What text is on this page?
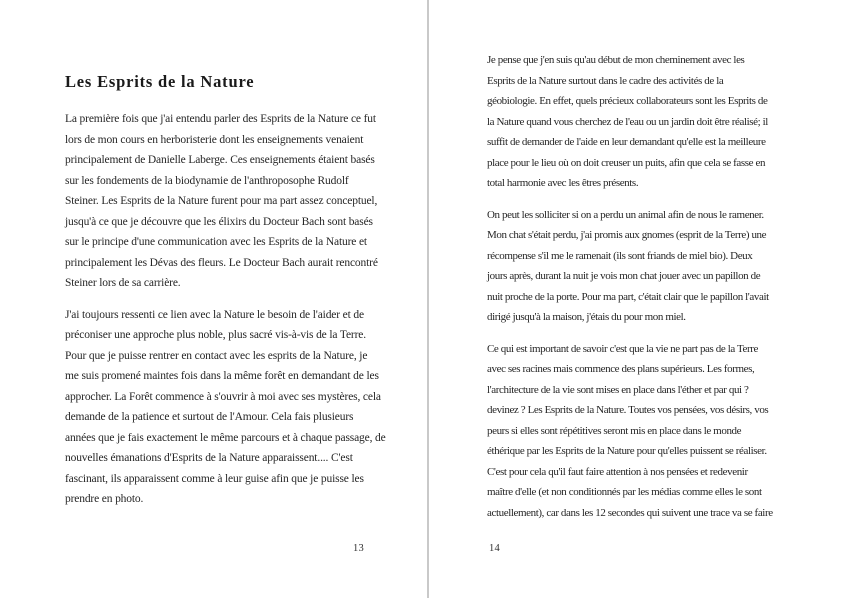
Les Esprits de la Nature
La première fois que j'ai entendu parler des Esprits de la Nature ce fut
lors de mon cours en herboristerie dont les enseignements venaient
principalement de Danielle Laberge. Ces enseignements étaient basés
sur les fondements de la biodynamie de l'anthroposophe Rudolf
Steiner. Les Esprits de la Nature furent pour ma part assez conceptuel,
jusqu'à ce que je découvre que les élixirs du Docteur Bach sont basés
sur le principe d'une communication avec les Esprits de la Nature et
principalement les Dévas des fleurs. Le Docteur Bach aurait rencontré
Steiner lors de sa carrière.
J'ai toujours ressenti ce lien avec la Nature le besoin de l'aider et de
préconiser une approche plus noble, plus sacré vis-à-vis de la Terre.
Pour que je puisse rentrer en contact avec les esprits de la Nature, je
me suis promené maintes fois dans la même forêt en demandant de les
approcher. La Forêt commence à s'ouvrir à moi avec ses mystères, cela
demande de la patience et surtout de l'Amour. Cela fais plusieurs
années que je fais exactement le même parcours et à chaque passage, de
nouvelles émanations d'Esprits de la Nature apparaissent.... C'est
fascinant, ils apparaissent comme à leur guise afin que je puisse les
prendre en photo.
Je pense que j'en suis qu'au début de mon cheminement avec les
Esprits de la Nature surtout dans le cadre des activités de la
géobiologie. En effet, quels précieux collaborateurs sont les Esprits de
la Nature quand vous cherchez de l'eau ou un jardin doit être réalisé; il
suffit de demander de l'aide en leur demandant qu'elle est la meilleure
place pour le lieu où on doit creuser un puits, afin que cela se fasse en
total harmonie avec les êtres présents.
On peut les solliciter si on a perdu un animal afin de nous le ramener.
Mon chat s'était perdu, j'ai promis aux gnomes (esprit de la Terre) une
récompense s'il me le ramenait (ils sont friands de miel bio). Deux
jours après, durant la nuit je vois mon chat jouer avec un papillon de
nuit proche de la porte. Pour ma part, c'était clair que le papillon l'avait
dirigé jusqu'à la maison, j'étais du pour mon miel.
Ce qui est important de savoir c'est que la vie ne part pas de la Terre
avec ses racines mais commence des plans supérieurs. Les formes,
l'architecture de la vie sont mises en place dans l'éther et par qui ?
devinez ? Les Esprits de la Nature. Toutes vos pensées, vos désirs, vos
peurs si elles sont répétitives seront mis en place dans le monde
éthérique par les Esprits de la Nature pour qu'elles puissent se réaliser.
C'est pour cela qu'il faut faire attention à nos pensées et redevenir
maître d'elle (et non conditionnés par les médias comme elles le sont
actuellement), car dans les 12 secondes qui suivent une trace va se faire
13	14
